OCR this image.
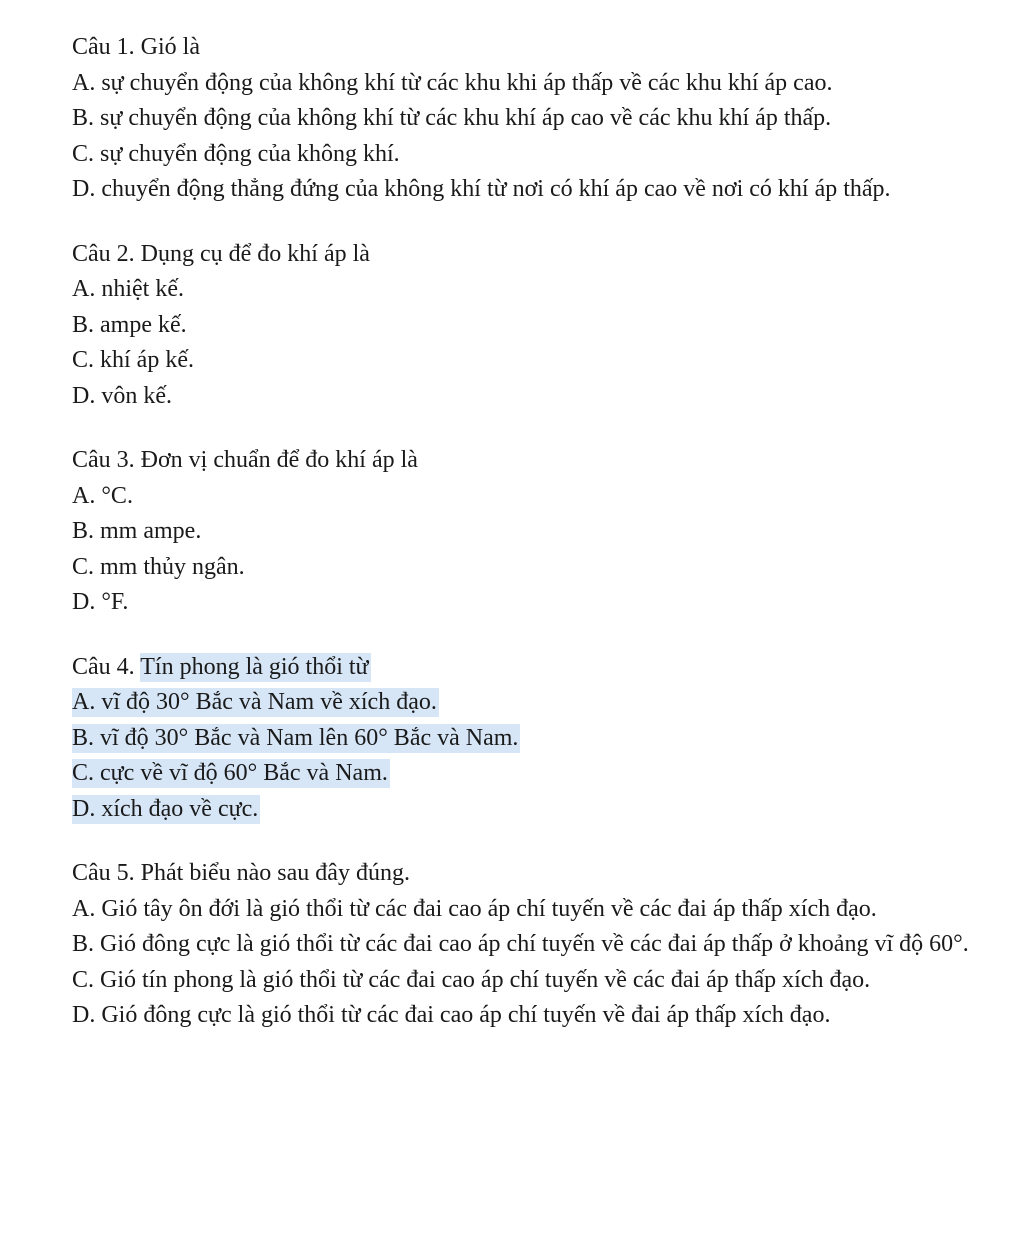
Câu 1. Gió là
A. sự chuyển động của không khí từ các khu khi áp thấp về các khu khí áp cao.
B. sự chuyển động của không khí từ các khu khí áp cao về các khu khí áp thấp.
C. sự chuyển động của không khí.
D. chuyển động thẳng đứng của không khí từ nơi có khí áp cao về nơi có khí áp thấp.
Câu 2. Dụng cụ để đo khí áp là
A. nhiệt kế.
B. ampe kế.
C. khí áp kế.
D. vôn kế.
Câu 3. Đơn vị chuẩn để đo khí áp là
A. °C.
B. mm ampe.
C. mm thủy ngân.
D. °F.
Câu 4. Tín phong là gió thổi từ
A. vĩ độ 30° Bắc và Nam về xích đạo.
B. vĩ độ 30° Bắc và Nam lên 60° Bắc và Nam.
C. cực về vĩ độ 60° Bắc và Nam.
D. xích đạo về cực.
Câu 5. Phát biểu nào sau đây đúng.
A. Gió tây ôn đới là gió thổi từ các đai cao áp chí tuyến về các đai áp thấp xích đạo.
B. Gió đông cực là gió thổi từ các đai cao áp chí tuyến về các đai áp thấp ở khoảng vĩ độ 60°.
C. Gió tín phong là gió thổi từ các đai cao áp chí tuyến về các đai áp thấp xích đạo.
D. Gió đông cực là gió thổi từ các đai cao áp chí tuyến về đai áp thấp xích đạo.
